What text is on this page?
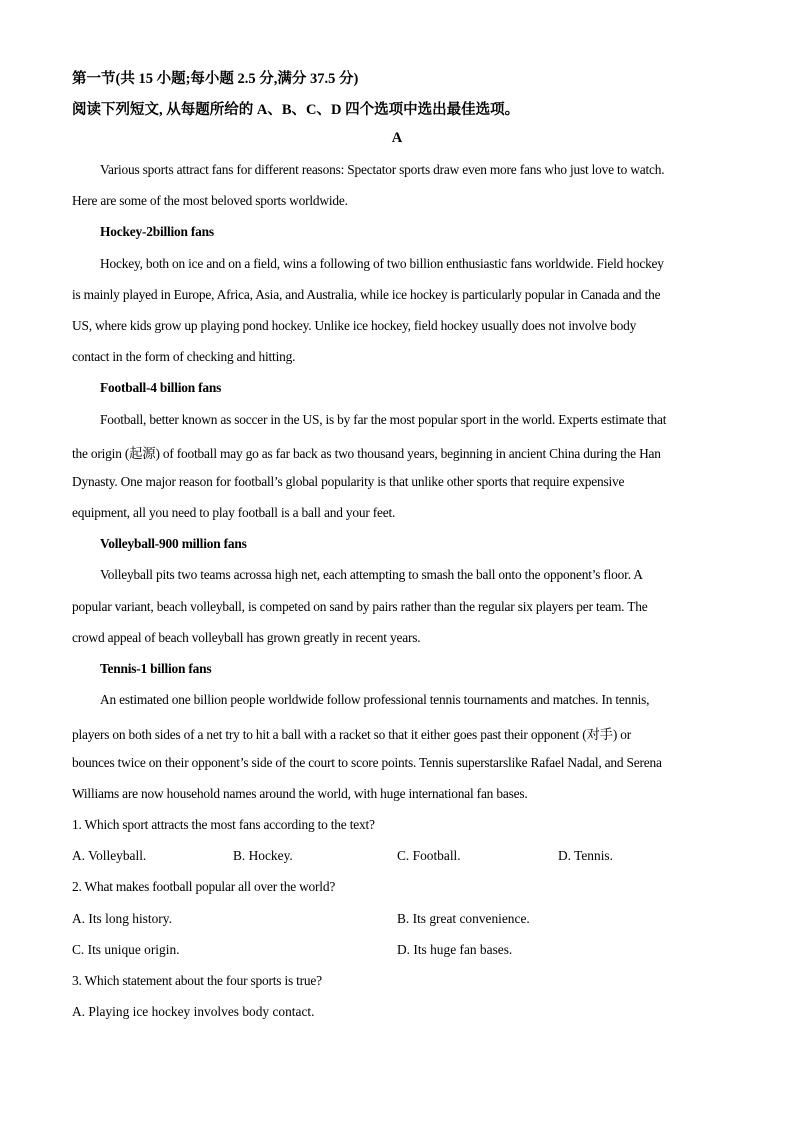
第一节(共 15 小题;每小题 2.5 分,满分 37.5 分)
阅读下列短文, 从每题所给的 A、B、C、D 四个选项中选出最佳选项。
A
Various sports attract fans for different reasons: Spectator sports draw even more fans who just love to watch.
Here are some of the most beloved sports worldwide.
Hockey-2billion fans
Hockey, both on ice and on a field, wins a following of two billion enthusiastic fans worldwide. Field hockey
is mainly played in Europe, Africa, Asia, and Australia, while ice hockey is particularly popular in Canada and the
US, where kids grow up playing pond hockey. Unlike ice hockey, field hockey usually does not involve body
contact in the form of checking and hitting.
Football-4 billion fans
Football, better known as soccer in the US, is by far the most popular sport in the world. Experts estimate that
the origin (起源) of football may go as far back as two thousand years, beginning in ancient China during the Han
Dynasty. One major reason for football’s global popularity is that unlike other sports that require expensive
equipment, all you need to play football is a ball and your feet.
Volleyball-900 million fans
Volleyball pits two teams acrossa high net, each attempting to smash the ball onto the opponent’s floor. A
popular variant, beach volleyball, is competed on sand by pairs rather than the regular six players per team. The
crowd appeal of beach volleyball has grown greatly in recent years.
Tennis-1 billion fans
An estimated one billion people worldwide follow professional tennis tournaments and matches. In tennis,
players on both sides of a net try to hit a ball with a racket so that it either goes past their opponent (对手) or
bounces twice on their opponent’s side of the court to score points. Tennis superstarslike Rafael Nadal, and Serena
Williams are now household names around the world, with huge international fan bases.
1. Which sport attracts the most fans according to the text?
A. Volleyball.	B. Hockey.	C. Football.	D. Tennis.
2. What makes football popular all over the world?
A. Its long history.	B. Its great convenience.
C. Its unique origin.	D. Its huge fan bases.
3. Which statement about the four sports is true?
A. Playing ice hockey involves body contact.
